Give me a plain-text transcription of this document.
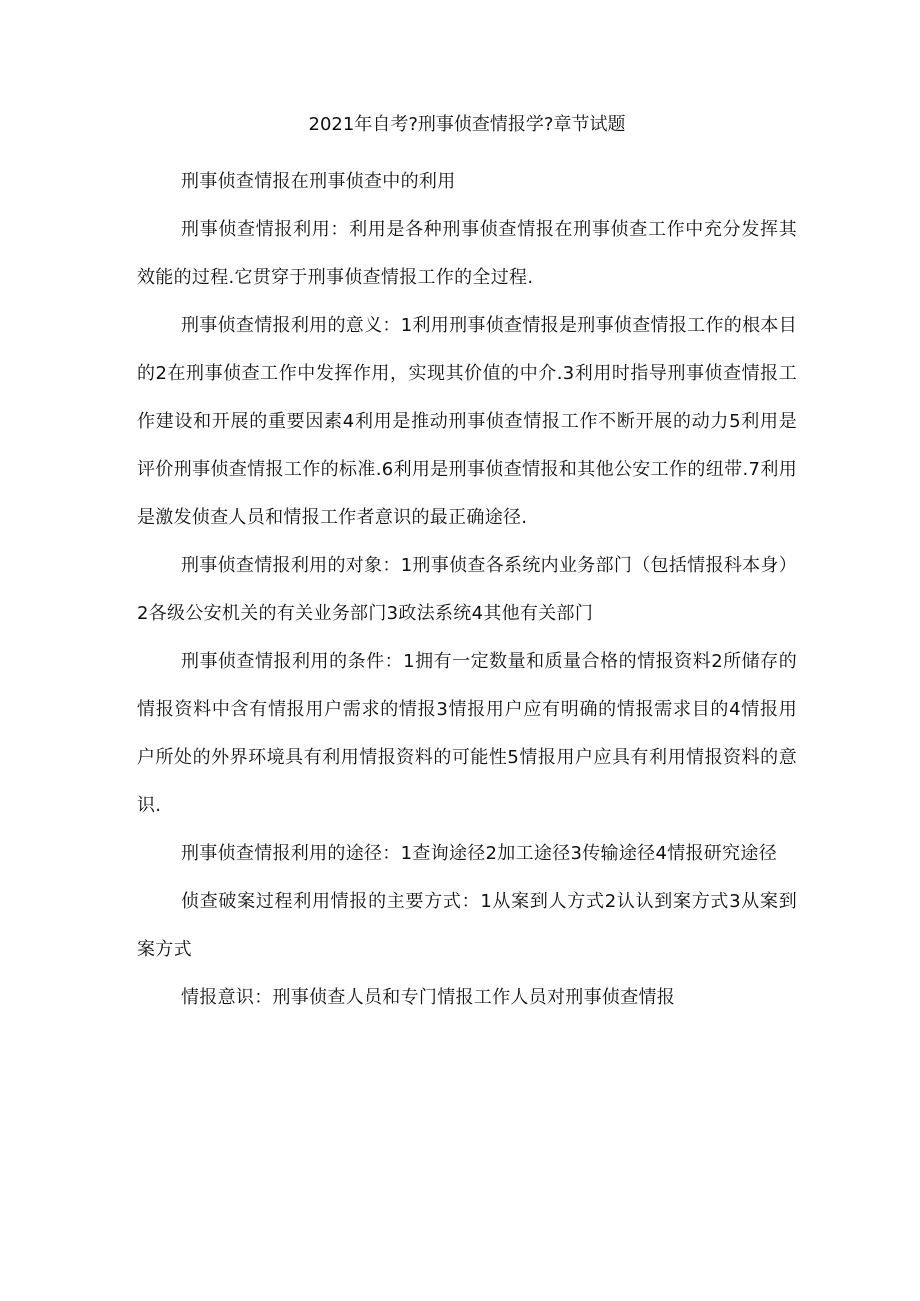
2021年自考?刑事侦查情报学?章节试题

刑事侦查情报在刑事侦查中的利用

刑事侦查情报利用：利用是各种刑事侦查情报在刑事侦查工作中充分发挥其效能的过程.它贯穿于刑事侦查情报工作的全过程.

刑事侦查情报利用的意义：1利用刑事侦查情报是刑事侦查情报工作的根本目的2在刑事侦查工作中发挥作用，实现其价值的中介.3利用时指导刑事侦查情报工作建设和开展的重要因素4利用是推动刑事侦查情报工作不断开展的动力5利用是评价刑事侦查情报工作的标准.6利用是刑事侦查情报和其他公安工作的纽带.7利用是激发侦查人员和情报工作者意识的最正确途径.

刑事侦查情报利用的对象：1刑事侦查各系统内业务部门（包括情报科本身）2各级公安机关的有关业务部门3政法系统4其他有关部门

刑事侦查情报利用的条件：1拥有一定数量和质量合格的情报资料2所储存的情报资料中含有情报用户需求的情报3情报用户应有明确的情报需求目的4情报用户所处的外界环境具有利用情报资料的可能性5情报用户应具有利用情报资料的意识.

刑事侦查情报利用的途径：1查询途径2加工途径3传输途径4情报研究途径

侦查破案过程利用情报的主要方式：1从案到人方式2认认到案方式3从案到案方式

情报意识：刑事侦查人员和专门情报工作人员对刑事侦查情报
